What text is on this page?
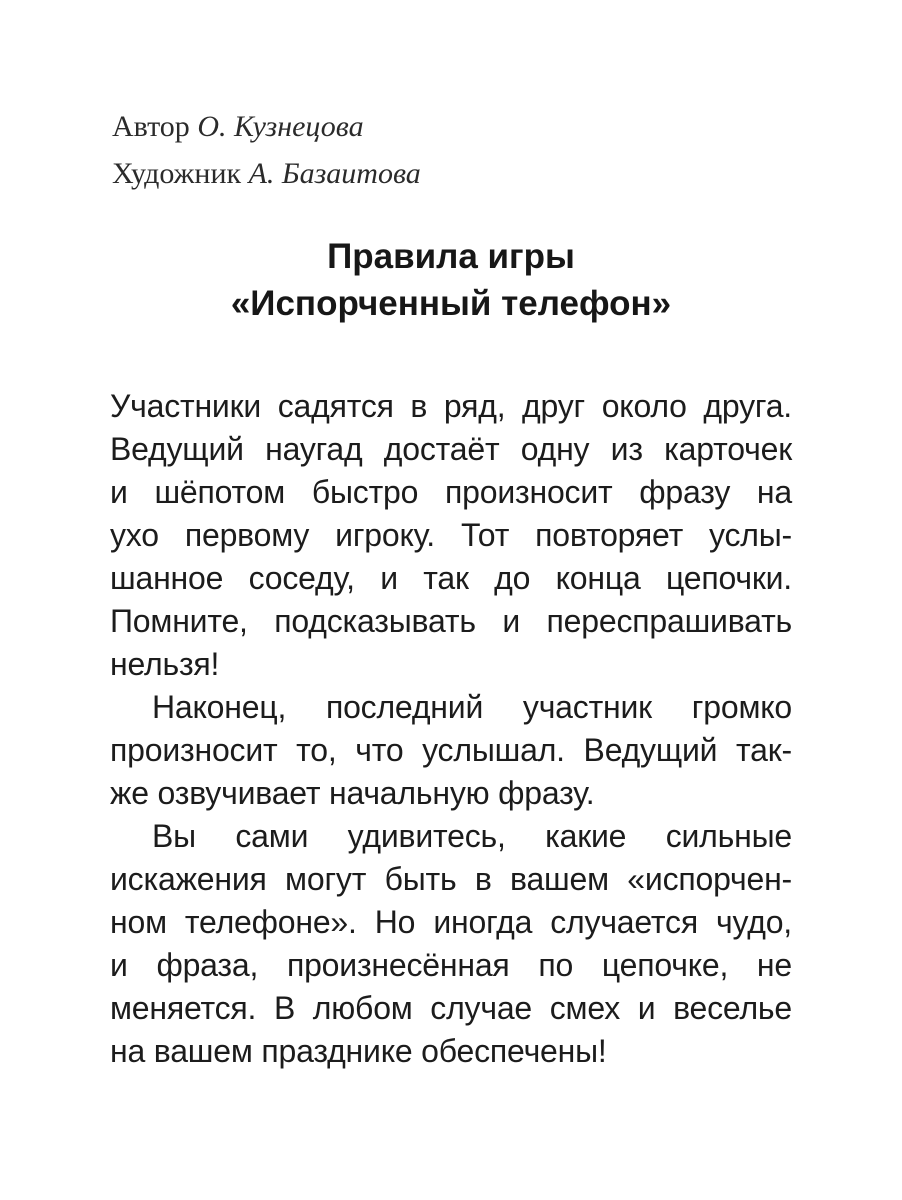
Автор О. Кузнецова
Художник А. Базаитова
Правила игры
«Испорченный телефон»
Участники садятся в ряд, друг около друга.
Ведущий наугад достаёт одну из карточек
и шёпотом быстро произносит фразу на
ухо первому игроку. Тот повторяет услы-
шанное соседу, и так до конца цепочки.
Помните, подсказывать и переспрашивать
нельзя!
Наконец, последний участник громко
произносит то, что услышал. Ведущий так-
же озвучивает начальную фразу.
Вы сами удивитесь, какие сильные
искажения могут быть в вашем «испорчен-
ном телефоне». Но иногда случается чудо,
и фраза, произнесённая по цепочке, не
меняется. В любом случае смех и веселье
на вашем празднике обеспечены!
